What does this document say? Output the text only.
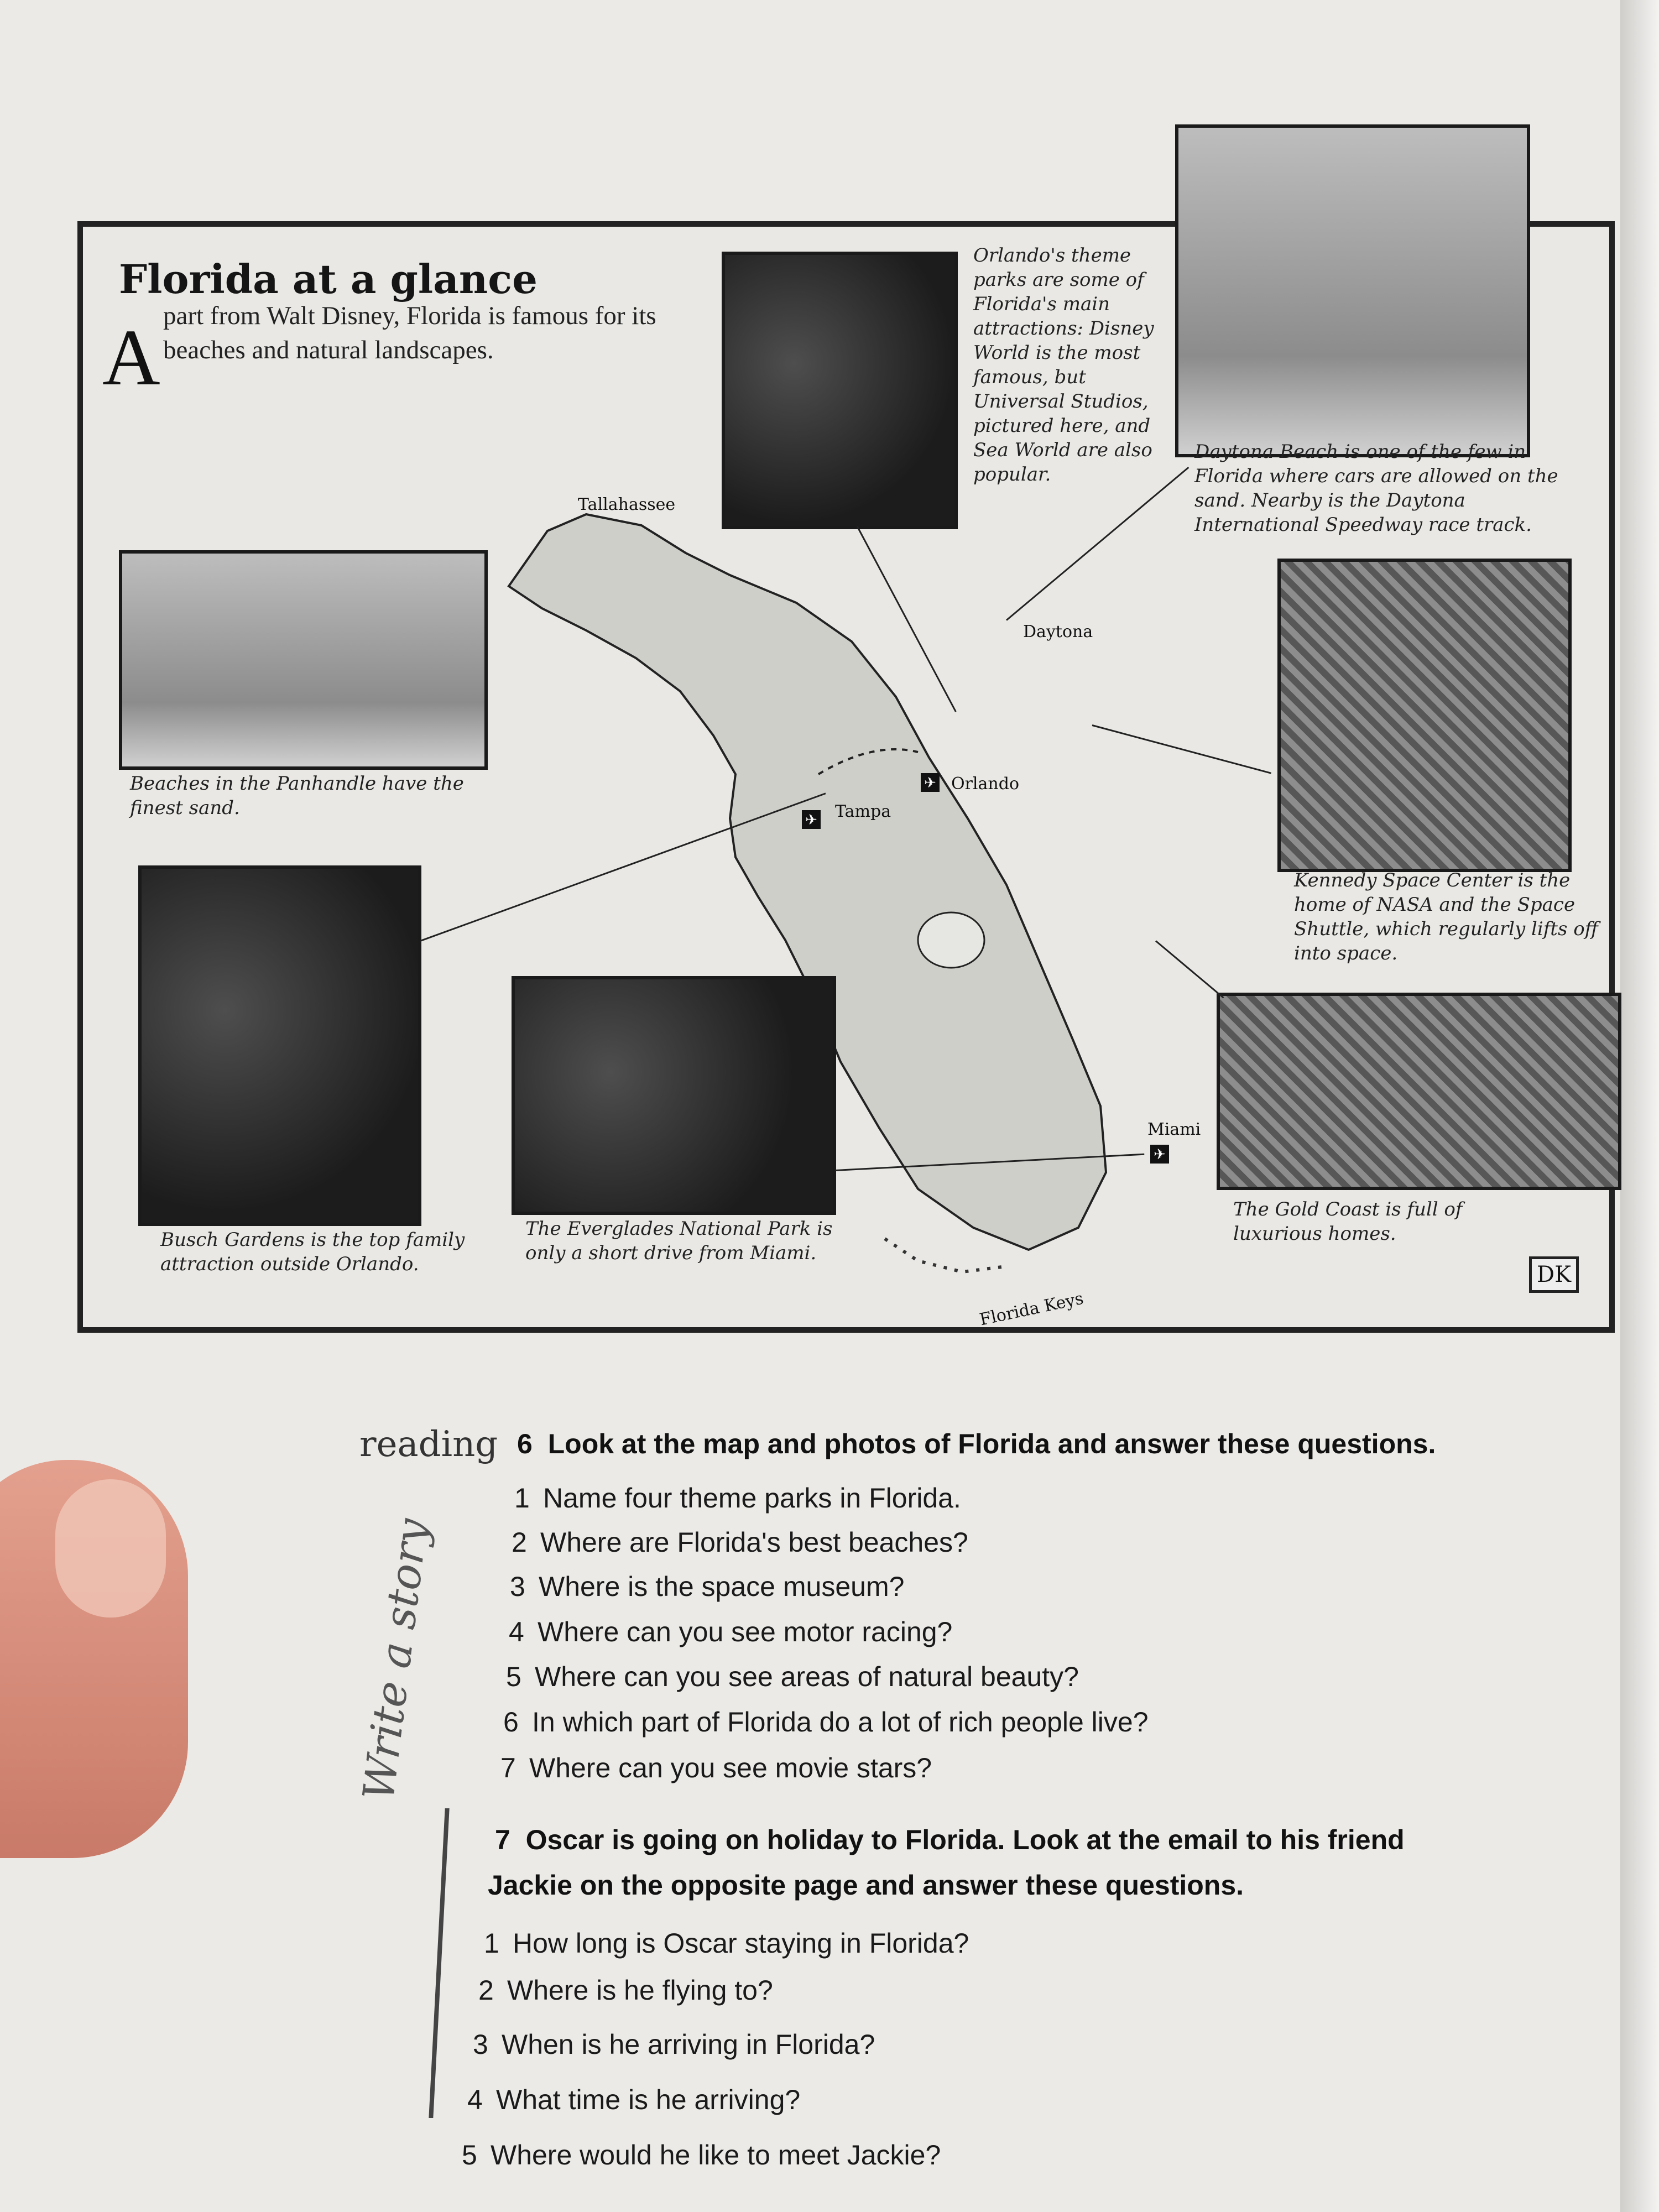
Florida at a glance
A part from Walt Disney, Florida is famous for its beaches and natural landscapes.
Tallahassee
Daytona
✈ Orlando
✈ Tampa
Miami
✈
Florida Keys
Orlando's theme parks are some of Florida's main attractions: Disney World is the most famous, but Universal Studios, pictured here, and Sea World are also popular.
Daytona Beach is one of the few in Florida where cars are allowed on the sand. Nearby is the Daytona International Speedway race track.
Beaches in the Panhandle have the finest sand.
Kennedy Space Center is the home of NASA and the Space Shuttle, which regularly lifts off into space.
Busch Gardens is the top family attraction outside Orlando.
The Everglades National Park is only a short drive from Miami.
The Gold Coast is full of luxurious homes.
DK
reading 6 Look at the map and photos of Florida and answer these questions.
1 Name four theme parks in Florida.
2 Where are Florida's best beaches?
3 Where is the space museum?
4 Where can you see motor racing?
5 Where can you see areas of natural beauty?
6 In which part of Florida do a lot of rich people live?
7 Where can you see movie stars?
Write a story
7 Oscar is going on holiday to Florida. Look at the email to his friend
Jackie on the opposite page and answer these questions.
1 How long is Oscar staying in Florida?
2 Where is he flying to?
3 When is he arriving in Florida?
4 What time is he arriving?
5 Where would he like to meet Jackie?
